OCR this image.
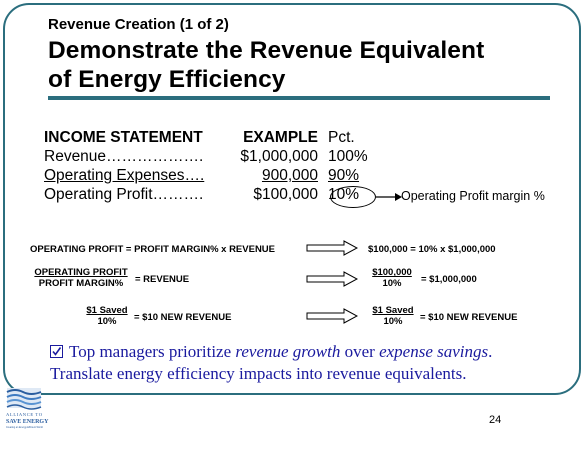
Revenue Creation (1 of 2)
Demonstrate the Revenue Equivalent
of Energy Efficiency
INCOME STATEMENT	EXAMPLE Pct.
Revenue………………. $1,000,000 100%
Operating Expenses….	900,000 90%
Operating Profit……….	$100,000 10%	Operating Profit margin %
OPERATING PROFIT = PROFIT MARGIN% x REVENUE	$100,000 = 10% x $1,000,000
OPERATING PROFIT
PROFIT MARGIN%	= REVENUE	$\frac{\$100,000}{10\%}$ = $1,000,000
$1 Saved
10%	= $10 NEW REVENUE
$1 Saved
10%	= $10 NEW REVENUE
Top managers prioritize revenue growth over expense savings.
Translate energy efficiency impacts into revenue equivalents.
ALLIANCE TO
SAVE ENERGY
Creating an Energy-Efficient World
24
